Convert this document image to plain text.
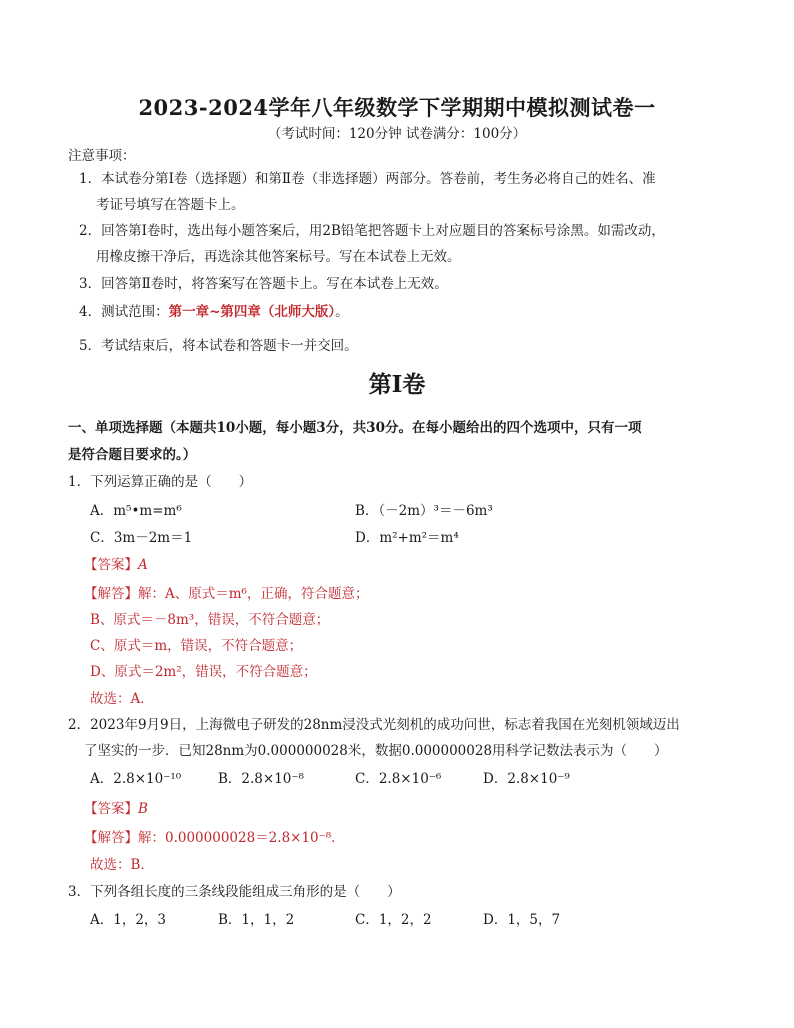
2023-2024学年八年级数学下学期期中模拟测试卷一
（考试时间：120分钟 试卷满分：100分）
注意事项：
1．本试卷分第Ⅰ卷（选择题）和第Ⅱ卷（非选择题）两部分。答卷前，考生务必将自己的姓名、准
考证号填写在答题卡上。
2．回答第Ⅰ卷时，选出每小题答案后，用2B铅笔把答题卡上对应题目的答案标号涂黑。如需改动，
用橡皮擦干净后，再选涂其他答案标号。写在本试卷上无效。
3．回答第Ⅱ卷时，将答案写在答题卡上。写在本试卷上无效。
4．测试范围：第一章~第四章（北师大版）。
5．考试结束后，将本试卷和答题卡一并交回。
第Ⅰ卷
一、单项选择题（本题共10小题，每小题3分，共30分。在每小题给出的四个选项中，只有一项
是符合题目要求的。）
1．下列运算正确的是（　　）
A．m⁵•m=m⁶	B．（－2m）³＝－6m³
C．3m－2m＝1	D．m²+m²＝m⁴
【答案】A
【解答】解：A、原式＝m⁶，正确，符合题意；
B、原式＝－8m³，错误，不符合题意；
C、原式＝m，错误，不符合题意；
D、原式＝2m²，错误，不符合题意；
故选：A．
2．2023年9月9日，上海微电子研发的28nm浸没式光刻机的成功问世，标志着我国在光刻机领域迈出
了坚实的一步．已知28nm为0.000000028米，数据0.000000028用科学记数法表示为（　　）
A．2.8×10⁻¹⁰	B．2.8×10⁻⁸	C．2.8×10⁻⁶	D．2.8×10⁻⁹
【答案】B
【解答】解：0.000000028＝2.8×10⁻⁸．
故选：B．
3．下列各组长度的三条线段能组成三角形的是（　　）
A．1，2，3	B．1，1，2	C．1，2，2	D．1，5，7
